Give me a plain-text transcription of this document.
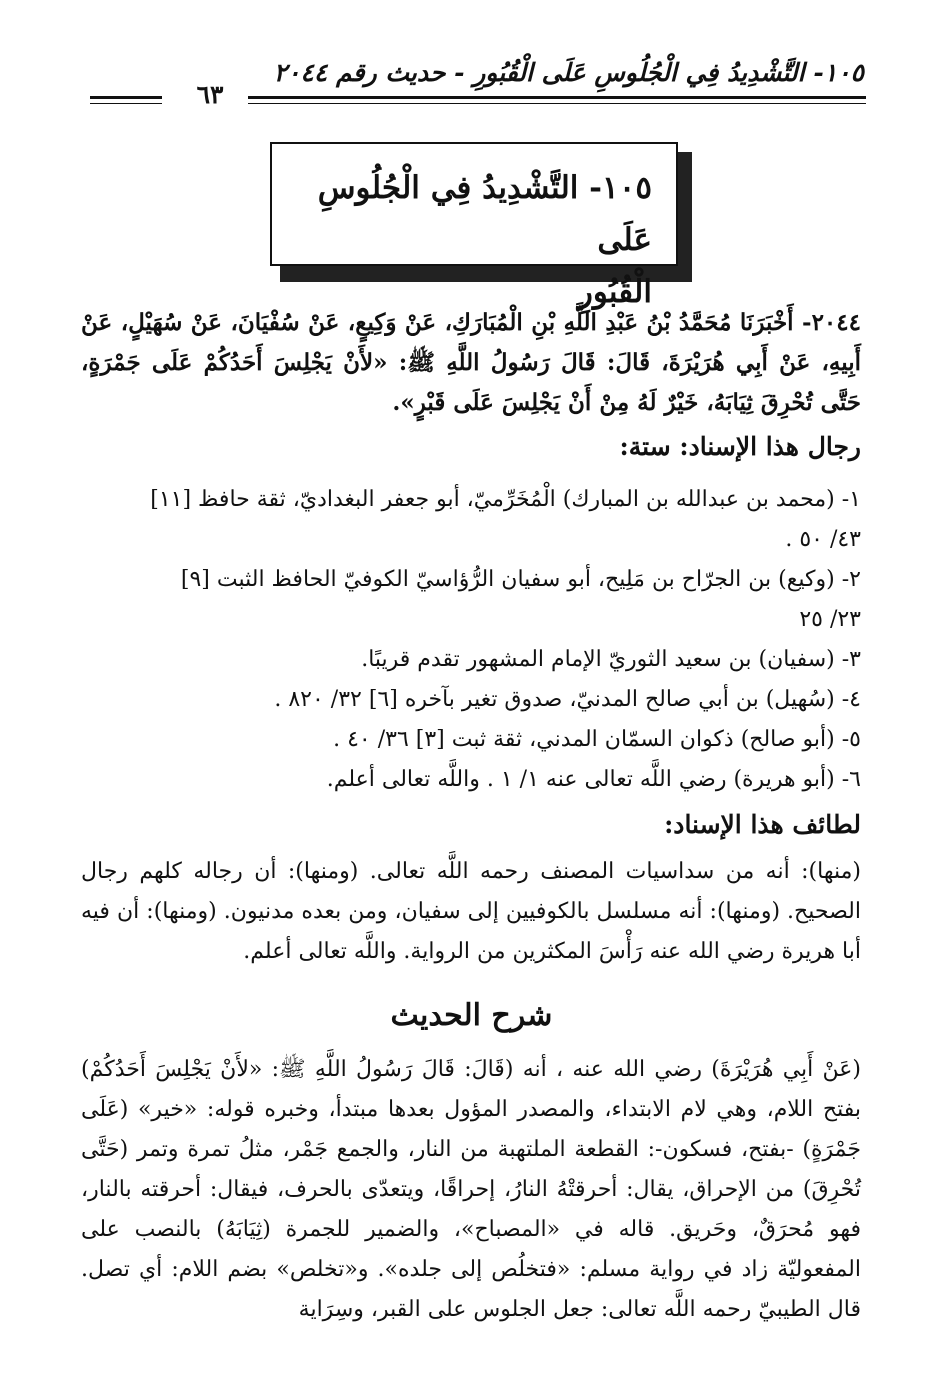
١٠٥- التَّشْدِيدُ فِي الْجُلُوسِ عَلَى الْقُبُورِ - حديث رقم ٢٠٤٤
٦٣
١٠٥- التَّشْدِيدُ فِي الْجُلُوسِ عَلَى
الْقُبُورِ
٢٠٤٤- أَخْبَرَنَا مُحَمَّدُ بْنُ عَبْدِ اللَّهِ بْنِ الْمُبَارَكِ، عَنْ وَكِيعٍ، عَنْ سُفْيَانَ، عَنْ سُهَيْلٍ، عَنْ أَبِيهِ، عَنْ أَبِي هُرَيْرَةَ، قَالَ: قَالَ رَسُولُ اللَّهِ ﷺ: «لأَنْ يَجْلِسَ أَحَدُكُمْ عَلَى جَمْرَةٍ، حَتَّى تُحْرِقَ ثِيَابَهُ، خَيْرٌ لَهُ مِنْ أَنْ يَجْلِسَ عَلَى قَبْرٍ».
رجال هذا الإسناد: ستة:
١- (محمد بن عبدالله بن المبارك) الْمُخَرِّميّ، أبو جعفر البغداديّ، ثقة حافظ [١١]
٤٣/ ٥٠ .
٢- (وكيع) بن الجرّاح بن مَلِيح، أبو سفيان الرُّؤاسيّ الكوفيّ الحافظ الثبت [٩]
٢٣/ ٢٥
٣- (سفيان) بن سعيد الثوريّ الإمام المشهور تقدم قريبًا.
٤- (سُهيل) بن أبي صالح المدنيّ، صدوق تغير بآخره [٦] ٣٢/ ٨٢٠ .
٥- (أبو صالح) ذكوان السمّان المدني، ثقة ثبت [٣] ٣٦/ ٤٠ .
٦- (أبو هريرة) رضي اللَّه تعالى عنه ١/ ١ . واللَّه تعالى أعلم.
لطائف هذا الإسناد:
(منها): أنه من سداسيات المصنف رحمه اللَّه تعالى. (ومنها): أن رجاله كلهم رجال الصحيح. (ومنها): أنه مسلسل بالكوفيين إلى سفيان، ومن بعده مدنيون. (ومنها): أن فيه أبا هريرة رضي الله عنه رَأْسَ المكثرين من الرواية. واللَّه تعالى أعلم.
شرح الحديث
(عَنْ أَبِي هُرَيْرَةَ) رضي الله عنه ، أنه (قَالَ: قَالَ رَسُولُ اللَّهِ ﷺ: «لأَنْ يَجْلِسَ أَحَدُكُمْ) بفتح اللام، وهي لام الابتداء، والمصدر المؤول بعدها مبتدأ، وخبره قوله: «خير» (عَلَى جَمْرَةٍ) -بفتح، فسكون-: القطعة الملتهبة من النار، والجمع جَمْر، مثلُ تمرة وتمر (حَتَّى تُحْرِقَ) من الإحراق، يقال: أحرقتْهُ النارُ، إحراقًا، ويتعدّى بالحرف، فيقال: أحرقته بالنار، فهو مُحرَقٌ، وحَريق. قاله في «المصباح»، والضمير للجمرة (ثِيَابَهُ) بالنصب على المفعوليّة زاد في رواية مسلم: «فتخلُص إلى جلده». و«تخلص» بضم اللام: أي تصل. قال الطيبيّ رحمه اللَّه تعالى: جعل الجلوس على القبر، وسِرَاية
